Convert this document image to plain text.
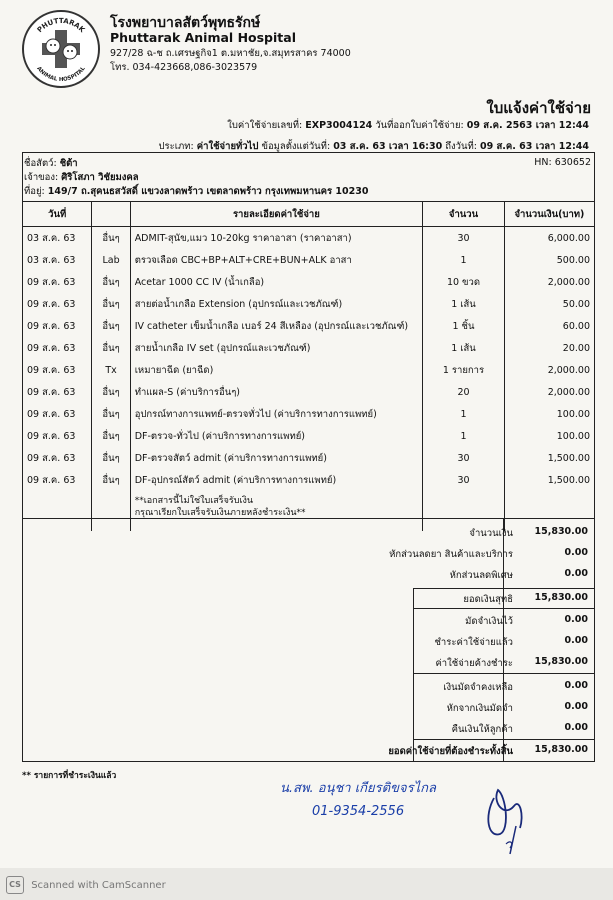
PHUTTARAK
ANIMAL HOSPITAL
โรงพยาบาลสัตว์พุทธรักษ์
Phuttarak Animal Hospital
927/28 ฉ-ช ถ.เศรษฐกิจ1 ต.มหาชัย,จ.สมุทรสาคร 74000
โทร. 034-423668,086-3023579
ใบแจ้งค่าใช้จ่าย
ใบค่าใช้จ่ายเลขที่: EXP3004124 วันที่ออกใบค่าใช้จ่าย: 09 ส.ค. 2563 เวลา 12:44
ประเภท: ค่าใช้จ่ายทั่วไป ข้อมูลตั้งแต่วันที่: 03 ส.ค. 63 เวลา 16:30 ถึงวันที่: 09 ส.ค. 63 เวลา 12:44
ชื่อสัตว์: ชิต้า	HN: 630652
เจ้าของ: ศิริโสภา วิชัยมงคล
ที่อยู่: 149/7 ถ.สุคนธสวัสดิ์ แขวงลาดพร้าว เขตลาดพร้าว กรุงเทพมหานคร 10230
วันที่		รายละเอียดค่าใช้จ่าย	จำนวน	จำนวนเงิน(บาท)
03 ส.ค. 63	อื่นๆ	ADMIT-สุนัข,แมว 10-20kg ราคาอาสา (ราคาอาสา)	30	6,000.00
03 ส.ค. 63	Lab	ตรวจเลือด CBC+BP+ALT+CRE+BUN+ALK อาสา	1	500.00
09 ส.ค. 63	อื่นๆ	Acetar 1000 CC IV (น้ำเกลือ)	10 ขวด	2,000.00
09 ส.ค. 63	อื่นๆ	สายต่อน้ำเกลือ Extension (อุปกรณ์และเวชภัณฑ์)	1 เส้น	50.00
09 ส.ค. 63	อื่นๆ	IV catheter เข็มน้ำเกลือ เบอร์ 24 สีเหลือง (อุปกรณ์และเวชภัณฑ์)	1 ชิ้น	60.00
09 ส.ค. 63	อื่นๆ	สายน้ำเกลือ IV set (อุปกรณ์และเวชภัณฑ์)	1 เส้น	20.00
09 ส.ค. 63	Tx	เหมายาฉีด (ยาฉีด)	1 รายการ	2,000.00
09 ส.ค. 63	อื่นๆ	ทำแผล-S (ค่าบริการอื่นๆ)	20	2,000.00
09 ส.ค. 63	อื่นๆ	อุปกรณ์ทางการแพทย์-ตรวจทั่วไป (ค่าบริการทางการแพทย์)	1	100.00
09 ส.ค. 63	อื่นๆ	DF-ตรวจ-ทั่วไป (ค่าบริการทางการแพทย์)	1	100.00
09 ส.ค. 63	อื่นๆ	DF-ตรวจสัตว์ admit (ค่าบริการทางการแพทย์)	30	1,500.00
09 ส.ค. 63	อื่นๆ	DF-อุปกรณ์สัตว์ admit (ค่าบริการทางการแพทย์)	30	1,500.00

		**เอกสารนี้ไม่ใช่ใบเสร็จรับเงิน
กรุณาเรียกใบเสร็จรับเงินภายหลังชำระเงิน**		

จำนวนเงิน 15,830.00
หักส่วนลดยา สินค้าและบริการ	0.00
หักส่วนลดพิเศษ	0.00
ยอดเงินสุทธิ 15,830.00
มัดจำเงินไว้	0.00
ชำระค่าใช้จ่ายแล้ว	0.00
ค่าใช้จ่ายค้างชำระ 15,830.00
เงินมัดจำคงเหลือ	0.00
หักจากเงินมัดจำ	0.00
คืนเงินให้ลูกค้า	0.00
ยอดค่าใช้จ่ายที่ต้องชำระทั้งสิ้น 15,830.00
** รายการที่ชำระเงินแล้ว
น.สพ. อนุชา เกียรติขจรไกล
01-9354-2556
CS Scanned with CamScanner
